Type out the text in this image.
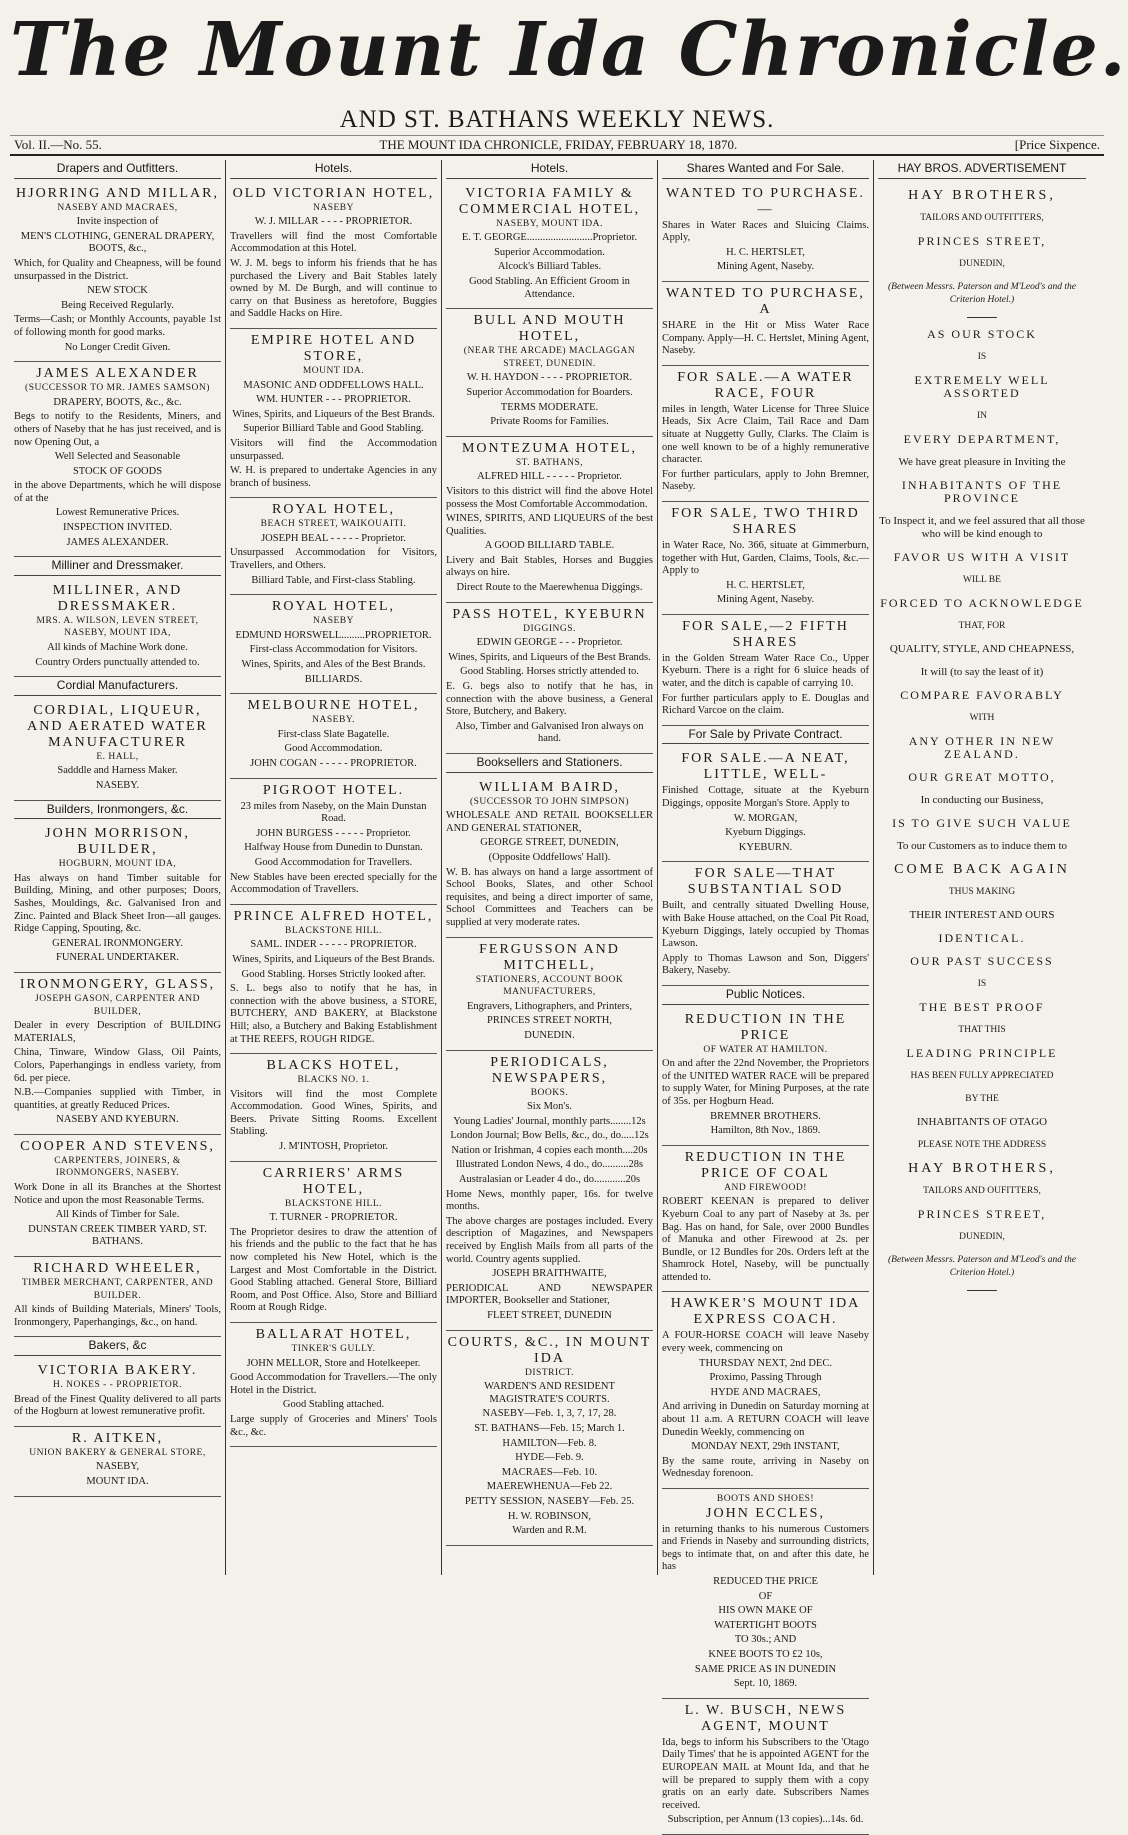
The Mount Ida Chronicle.
AND ST. BATHANS WEEKLY NEWS.
Vol. II.—No. 55.	THE MOUNT IDA CHRONICLE, FRIDAY, FEBRUARY 18, 1870.	[Price Sixpence.
Drapers and Outfitters.
HJORRING AND MILLAR,
NASEBY AND MACRAES,

Invite inspection of

MEN'S CLOTHING, GENERAL DRAPERY, BOOTS, &c.,

Which, for Quality and Cheapness, will be found unsurpassed in the District.

NEW STOCK

Being Received Regularly.

Terms—Cash; or Monthly Accounts, payable 1st of following month for good marks.

No Longer Credit Given.

JAMES ALEXANDER
(SUCCESSOR TO MR. JAMES SAMSON)

DRAPERY, BOOTS, &c., &c.

Begs to notify to the Residents, Miners, and others of Naseby that he has just received, and is now Opening Out, a

Well Selected and Seasonable

STOCK OF GOODS

in the above Departments, which he will dispose of at the

Lowest Remunerative Prices.

INSPECTION INVITED.

JAMES ALEXANDER.

Milliner and Dressmaker.
MILLINER, AND DRESSMAKER.
MRS. A. WILSON, LEVEN STREET, NASEBY, MOUNT IDA,

All kinds of Machine Work done.

Country Orders punctually attended to.

Cordial Manufacturers.
CORDIAL, LIQUEUR, AND AERATED WATER MANUFACTURER
E. HALL,

Sadddle and Harness Maker.

NASEBY.

Builders, Ironmongers, &c.
JOHN MORRISON, BUILDER,
HOGBURN, MOUNT IDA,

Has always on hand Timber suitable for Building, Mining, and other purposes; Doors, Sashes, Mouldings, &c. Galvanised Iron and Zinc. Painted and Black Sheet Iron—all gauges. Ridge Capping, Spouting, &c.

GENERAL IRONMONGERY.

FUNERAL UNDERTAKER.

IRONMONGERY, GLASS,
JOSEPH GASON, CARPENTER AND BUILDER,

Dealer in every Description of BUILDING MATERIALS,

China, Tinware, Window Glass, Oil Paints, Colors, Paperhangings in endless variety, from 6d. per piece.

N.B.—Companies supplied with Timber, in quantities, at greatly Reduced Prices.

NASEBY AND KYEBURN.

COOPER AND STEVENS,
CARPENTERS, JOINERS, & IRONMONGERS, NASEBY.

Work Done in all its Branches at the Shortest Notice and upon the most Reasonable Terms.

All Kinds of Timber for Sale.

DUNSTAN CREEK TIMBER YARD, ST. BATHANS.

RICHARD WHEELER,
TIMBER MERCHANT, CARPENTER, AND BUILDER.

All kinds of Building Materials, Miners' Tools, Ironmongery, Paperhangings, &c., on hand.

Bakers, &c
VICTORIA BAKERY.
H. NOKES - - PROPRIETOR.

Bread of the Finest Quality delivered to all parts of the Hogburn at lowest remunerative profit.

R. AITKEN,
UNION BAKERY & GENERAL STORE,

NASEBY,

MOUNT IDA.

Hotels.
OLD VICTORIAN HOTEL,
NASEBY

W. J. MILLAR - - - - PROPRIETOR.

Travellers will find the most Comfortable Accommodation at this Hotel.

W. J. M. begs to inform his friends that he has purchased the Livery and Bait Stables lately owned by M. De Burgh, and will continue to carry on that Business as heretofore, Buggies and Saddle Hacks on Hire.

EMPIRE HOTEL AND STORE,
MOUNT IDA.

MASONIC AND ODDFELLOWS HALL.

WM. HUNTER - - - PROPRIETOR.

Wines, Spirits, and Liqueurs of the Best Brands.

Superior Billiard Table and Good Stabling.

Visitors will find the Accommodation unsurpassed.

W. H. is prepared to undertake Agencies in any branch of business.

ROYAL HOTEL,
BEACH STREET, WAIKOUAITI.

JOSEPH BEAL - - - - - Proprietor.

Unsurpassed Accommodation for Visitors, Travellers, and Others.

Billiard Table, and First-class Stabling.

ROYAL HOTEL,
NASEBY

EDMUND HORSWELL.........PROPRIETOR.

First-class Accommodation for Visitors.

Wines, Spirits, and Ales of the Best Brands.

BILLIARDS.

MELBOURNE HOTEL,
NASEBY.

First-class Slate Bagatelle.

Good Accommodation.

JOHN COGAN - - - - - PROPRIETOR.

PIGROOT HOTEL.

23 miles from Naseby, on the Main Dunstan Road.

JOHN BURGESS - - - - - Proprietor.

Halfway House from Dunedin to Dunstan.

Good Accommodation for Travellers.

New Stables have been erected specially for the Accommodation of Travellers.

PRINCE ALFRED HOTEL,
BLACKSTONE HILL.

SAML. INDER - - - - - PROPRIETOR.

Wines, Spirits, and Liqueurs of the Best Brands.

Good Stabling. Horses Strictly looked after.

S. L. begs also to notify that he has, in connection with the above business, a STORE, BUTCHERY, AND BAKERY, at Blackstone Hill; also, a Butchery and Baking Establishment at THE REEFS, ROUGH RIDGE.

BLACKS HOTEL,
BLACKS NO. 1.

Visitors will find the most Complete Accommodation. Good Wines, Spirits, and Beers. Private Sitting Rooms. Excellent Stabling.

J. M'INTOSH, Proprietor.

CARRIERS' ARMS HOTEL,
BLACKSTONE HILL.

T. TURNER - PROPRIETOR.

The Proprietor desires to draw the attention of his friends and the public to the fact that he has now completed his New Hotel, which is the Largest and Most Comfortable in the District. Good Stabling attached. General Store, Billiard Room, and Post Office. Also, Store and Billiard Room at Rough Ridge.

BALLARAT HOTEL,
TINKER'S GULLY.

JOHN MELLOR, Store and Hotelkeeper.

Good Accommodation for Travellers.—The only Hotel in the District.

Good Stabling attached.

Large supply of Groceries and Miners' Tools &c., &c.

Hotels.
VICTORIA FAMILY & COMMERCIAL HOTEL,
NASEBY, MOUNT IDA.

E. T. GEORGE.........................Proprietor.

Superior Accommodation.

Alcock's Billiard Tables.

Good Stabling. An Efficient Groom in Attendance.

BULL AND MOUTH HOTEL,
(NEAR THE ARCADE) MACLAGGAN STREET, DUNEDIN.

W. H. HAYDON - - - - PROPRIETOR.

Superior Accommodation for Boarders.

TERMS MODERATE.

Private Rooms for Families.

MONTEZUMA HOTEL,
ST. BATHANS,

ALFRED HILL - - - - - Proprietor.

Visitors to this district will find the above Hotel possess the Most Comfortable Accommodation.

WINES, SPIRITS, AND LIQUEURS of the best Qualities.

A GOOD BILLIARD TABLE.

Livery and Bait Stables, Horses and Buggies always on hire.

Direct Route to the Maerewhenua Diggings.

PASS HOTEL, KYEBURN
DIGGINGS.

EDWIN GEORGE - - - Proprietor.

Wines, Spirits, and Liqueurs of the Best Brands.

Good Stabling. Horses strictly attended to.

E. G. begs also to notify that he has, in connection with the above business, a General Store, Butchery, and Bakery.

Also, Timber and Galvanised Iron always on hand.

Booksellers and Stationers.
WILLIAM BAIRD,
(SUCCESSOR TO JOHN SIMPSON)

WHOLESALE AND RETAIL BOOKSELLER AND GENERAL STATIONER,

GEORGE STREET, DUNEDIN,

(Opposite Oddfellows' Hall).

W. B. has always on hand a large assortment of School Books, Slates, and other School requisites, and being a direct importer of same, School Committees and Teachers can be supplied at very moderate rates.

FERGUSSON AND MITCHELL,
STATIONERS, ACCOUNT BOOK MANUFACTURERS,

Engravers, Lithographers, and Printers,

PRINCES STREET NORTH,

DUNEDIN.

PERIODICALS, NEWSPAPERS,
BOOKS.

Six Mon's.

Young Ladies' Journal, monthly parts........12s

London Journal; Bow Bells, &c., do., do.....12s

Nation or Irishman, 4 copies each month....20s

Illustrated London News, 4 do., do..........28s

Australasian or Leader 4 do., do............20s

Home News, monthly paper, 16s. for twelve months.

The above charges are postages included. Every description of Magazines, and Newspapers received by English Mails from all parts of the world. Country agents supplied.

JOSEPH BRAITHWAITE,

PERIODICAL AND NEWSPAPER IMPORTER, Bookseller and Stationer,

FLEET STREET, DUNEDIN

COURTS, &C., IN MOUNT IDA
DISTRICT.

WARDEN'S AND RESIDENT MAGISTRATE'S COURTS.

NASEBY—Feb. 1, 3, 7, 17, 28.

ST. BATHANS—Feb. 15; March 1.

HAMILTON—Feb. 8.

HYDE—Feb. 9.

MACRAES—Feb. 10.

MAEREWHENUA—Feb 22.

PETTY SESSION, NASEBY—Feb. 25.

H. W. ROBINSON,

Warden and R.M.

Shares Wanted and For Sale.
WANTED TO PURCHASE.—

Shares in Water Races and Sluicing Claims. Apply,

H. C. HERTSLET,

Mining Agent, Naseby.

WANTED TO PURCHASE, A

SHARE in the Hit or Miss Water Race Company. Apply—H. C. Hertslet, Mining Agent, Naseby.

FOR SALE.—A WATER RACE, FOUR

miles in length, Water License for Three Sluice Heads, Six Acre Claim, Tail Race and Dam situate at Nuggetty Gully, Clarks. The Claim is one well known to be of a highly remunerative character.

For further particulars, apply to John Bremner, Naseby.

FOR SALE, TWO THIRD SHARES

in Water Race, No. 366, situate at Gimmerburn, together with Hut, Garden, Claims, Tools, &c.—Apply to

H. C. HERTSLET,

Mining Agent, Naseby.

FOR SALE,—2 FIFTH SHARES

in the Golden Stream Water Race Co., Upper Kyeburn. There is a right for 6 sluice heads of water, and the ditch is capable of carrying 10.

For further particulars apply to E. Douglas and Richard Varcoe on the claim.

For Sale by Private Contract.
FOR SALE.—A NEAT, LITTLE, WELL-

Finished Cottage, situate at the Kyeburn Diggings, opposite Morgan's Store. Apply to

W. MORGAN,

Kyeburn Diggings.

KYEBURN.

FOR SALE—THAT SUBSTANTIAL SOD

Built, and centrally situated Dwelling House, with Bake House attached, on the Coal Pit Road, Kyeburn Diggings, lately occupied by Thomas Lawson.

Apply to Thomas Lawson and Son, Diggers' Bakery, Naseby.

Public Notices.
REDUCTION IN THE PRICE
OF WATER AT HAMILTON.

On and after the 22nd November, the Proprietors of the UNITED WATER RACE will be prepared to supply Water, for Mining Purposes, at the rate of 35s. per Hogburn Head.

BREMNER BROTHERS.

Hamilton, 8th Nov., 1869.

REDUCTION IN THE PRICE OF COAL
AND FIREWOOD!

ROBERT KEENAN is prepared to deliver Kyeburn Coal to any part of Naseby at 3s. per Bag. Has on hand, for Sale, over 2000 Bundles of Manuka and other Firewood at 2s. per Bundle, or 12 Bundles for 20s. Orders left at the Shamrock Hotel, Naseby, will be punctually attended to.

HAWKER'S MOUNT IDA EXPRESS COACH.

A FOUR-HORSE COACH will leave Naseby every week, commencing on

THURSDAY NEXT, 2nd DEC.

Proximo, Passing Through

HYDE AND MACRAES,

And arriving in Dunedin on Saturday morning at about 11 a.m. A RETURN COACH will leave Dunedin Weekly, commencing on

MONDAY NEXT, 29th INSTANT,

By the same route, arriving in Naseby on Wednesday forenoon.

BOOTS AND SHOES!
JOHN ECCLES,

in returning thanks to his numerous Customers and Friends in Naseby and surrounding districts, begs to intimate that, on and after this date, he has

REDUCED THE PRICE

OF

HIS OWN MAKE OF

WATERTIGHT BOOTS

TO 30s.; AND

KNEE BOOTS TO £2 10s,

SAME PRICE AS IN DUNEDIN

Sept. 10, 1869.

L. W. BUSCH, NEWS AGENT, MOUNT

Ida, begs to inform his Subscribers to the 'Otago Daily Times' that he is appointed AGENT for the EUROPEAN MAIL at Mount Ida, and that he will be prepared to supply them with a copy gratis on an early date. Subscribers Names received.

Subscription, per Annum (13 copies)...14s. 6d.

HAY BROS. ADVERTISEMENT

HAY BROTHERS,

TAILORS AND OUTFITTERS,

PRINCES STREET,

DUNEDIN,

(Between Messrs. Paterson and M'Leod's and the Criterion Hotel.)

AS OUR STOCK

IS

EXTREMELY WELL ASSORTED

IN

EVERY DEPARTMENT,

We have great pleasure in Inviting the

INHABITANTS OF THE PROVINCE

To Inspect it, and we feel assured that all those who will be kind enough to

FAVOR US WITH A VISIT

WILL BE

FORCED TO ACKNOWLEDGE

THAT, FOR

QUALITY, STYLE, AND CHEAPNESS,

It will (to say the least of it)

COMPARE FAVORABLY

WITH

ANY OTHER IN NEW ZEALAND.

OUR GREAT MOTTO,

In conducting our Business,

IS TO GIVE SUCH VALUE

To our Customers as to induce them to

COME BACK AGAIN

THUS MAKING

THEIR INTEREST AND OURS

IDENTICAL.

OUR PAST SUCCESS

IS

THE BEST PROOF

THAT THIS

LEADING PRINCIPLE

HAS BEEN FULLY APPRECIATED

BY THE

INHABITANTS OF OTAGO

PLEASE NOTE THE ADDRESS

HAY BROTHERS,

TAILORS AND OUFITTERS,

PRINCES STREET,

DUNEDIN,

(Between Messrs. Paterson and M'Leod's and the Criterion Hotel.)
